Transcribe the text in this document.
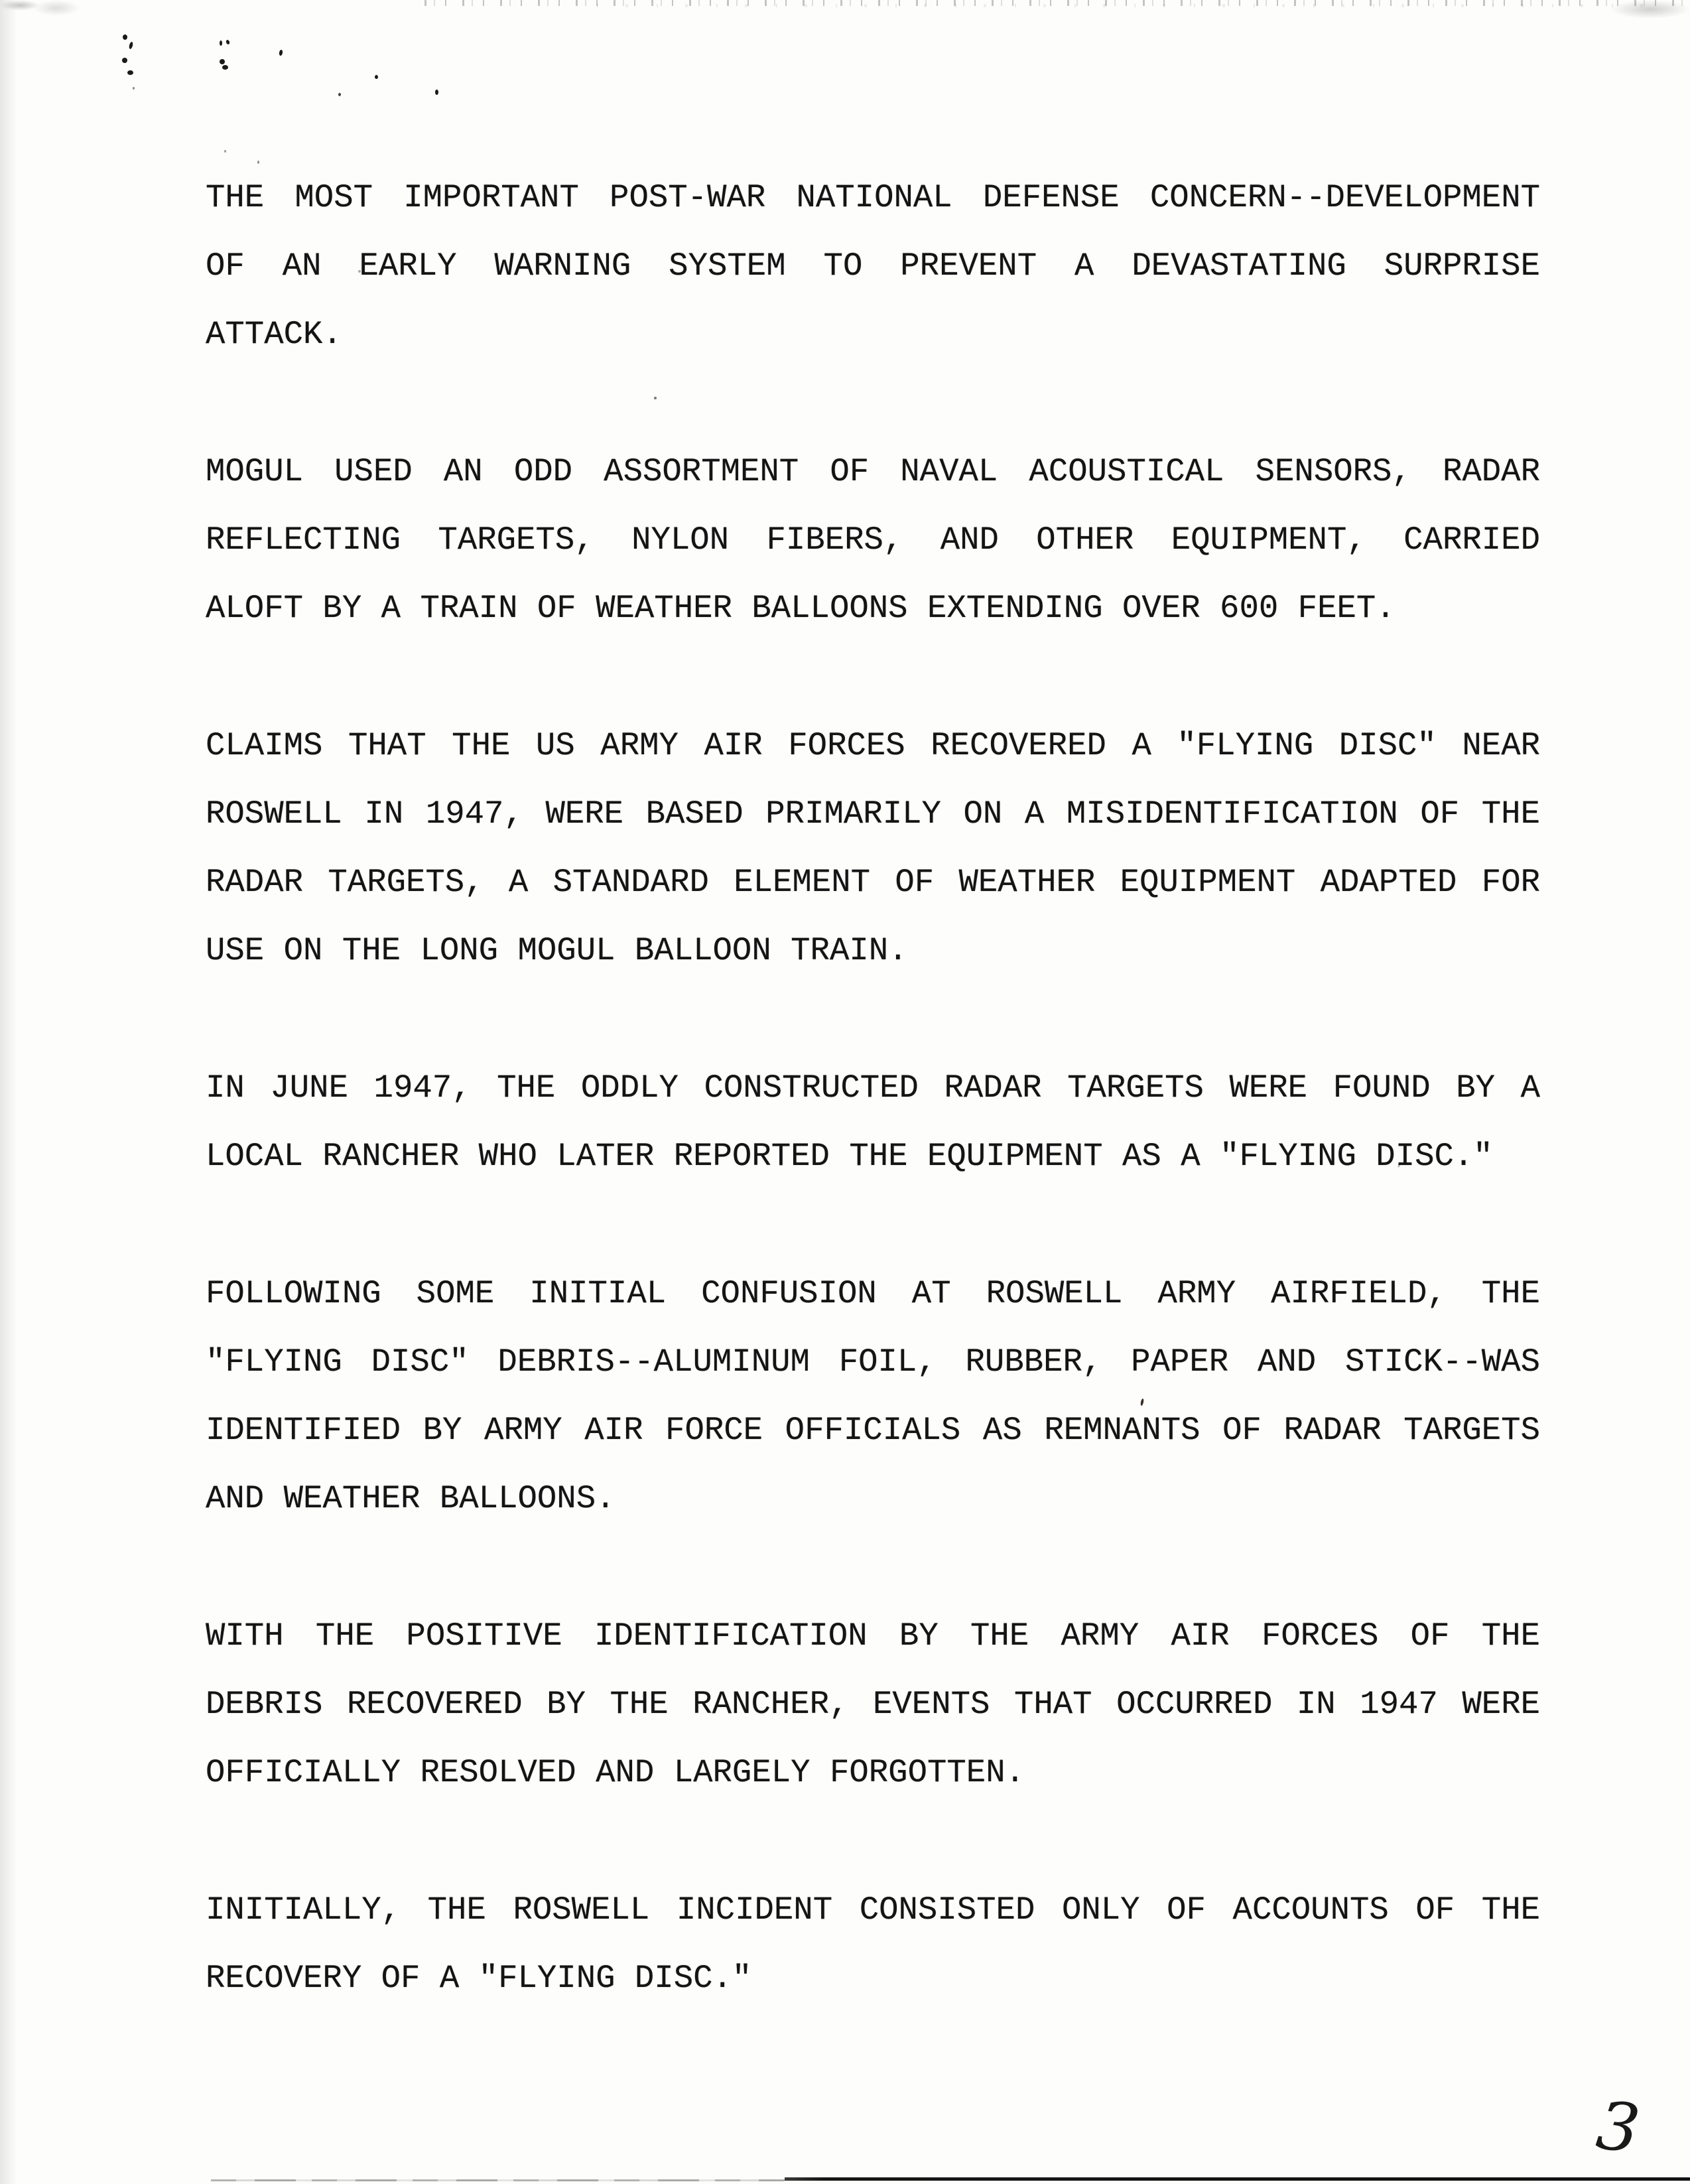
THE MOST IMPORTANT POST-WAR NATIONAL DEFENSE CONCERN--DEVELOPMENT
OF AN EARLY WARNING SYSTEM TO PREVENT A DEVASTATING SURPRISE
ATTACK.
MOGUL USED AN ODD ASSORTMENT OF NAVAL ACOUSTICAL SENSORS, RADAR
REFLECTING TARGETS, NYLON FIBERS, AND OTHER EQUIPMENT, CARRIED
ALOFT BY A TRAIN OF WEATHER BALLOONS EXTENDING OVER 600 FEET.
CLAIMS THAT THE US ARMY AIR FORCES RECOVERED A "FLYING DISC" NEAR
ROSWELL IN 1947, WERE BASED PRIMARILY ON A MISIDENTIFICATION OF THE
RADAR TARGETS, A STANDARD ELEMENT OF WEATHER EQUIPMENT ADAPTED FOR
USE ON THE LONG MOGUL BALLOON TRAIN.
IN JUNE 1947, THE ODDLY CONSTRUCTED RADAR TARGETS WERE FOUND BY A
LOCAL RANCHER WHO LATER REPORTED THE EQUIPMENT AS A "FLYING DISC."
FOLLOWING SOME INITIAL CONFUSION AT ROSWELL ARMY AIRFIELD, THE
"FLYING DISC" DEBRIS--ALUMINUM FOIL, RUBBER, PAPER AND STICK--WAS
IDENTIFIED BY ARMY AIR FORCE OFFICIALS AS REMNANTS OF RADAR TARGETS
AND WEATHER BALLOONS.
WITH THE POSITIVE IDENTIFICATION BY THE ARMY AIR FORCES OF THE
DEBRIS RECOVERED BY THE RANCHER, EVENTS THAT OCCURRED IN 1947 WERE
OFFICIALLY RESOLVED AND LARGELY FORGOTTEN.
INITIALLY, THE ROSWELL INCIDENT CONSISTED ONLY OF ACCOUNTS OF THE
RECOVERY OF A "FLYING DISC."
3
